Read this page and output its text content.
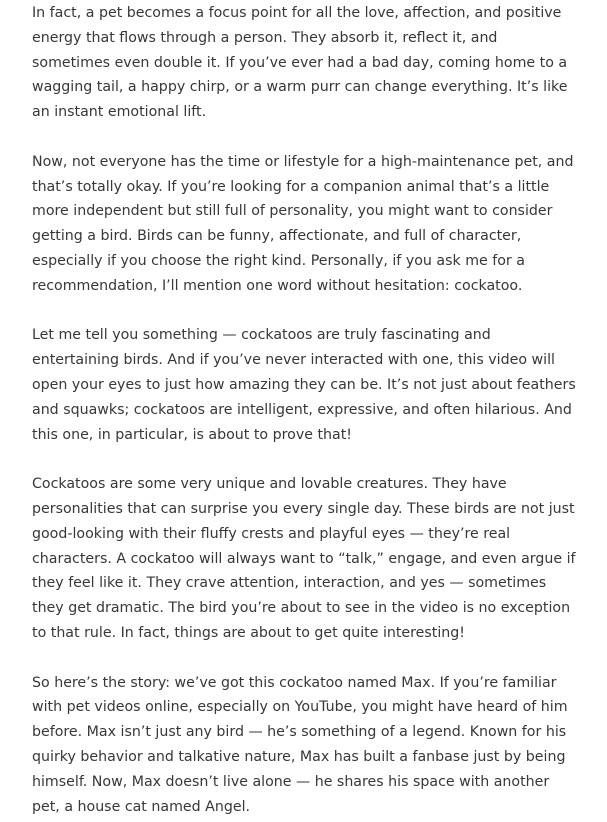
In fact, a pet becomes a focus point for all the love, affection, and positive energy that flows through a person. They absorb it, reflect it, and sometimes even double it. If you’ve ever had a bad day, coming home to a wagging tail, a happy chirp, or a warm purr can change everything. It’s like an instant emotional lift.

Now, not everyone has the time or lifestyle for a high-maintenance pet, and that’s totally okay. If you’re looking for a companion animal that’s a little more independent but still full of personality, you might want to consider getting a bird. Birds can be funny, affectionate, and full of character, especially if you choose the right kind. Personally, if you ask me for a recommendation, I’ll mention one word without hesitation: cockatoo.

Let me tell you something — cockatoos are truly fascinating and entertaining birds. And if you’ve never interacted with one, this video will open your eyes to just how amazing they can be. It’s not just about feathers and squawks; cockatoos are intelligent, expressive, and often hilarious. And this one, in particular, is about to prove that!

Cockatoos are some very unique and lovable creatures. They have personalities that can surprise you every single day. These birds are not just good-looking with their fluffy crests and playful eyes — they’re real characters. A cockatoo will always want to “talk,” engage, and even argue if they feel like it. They crave attention, interaction, and yes — sometimes they get dramatic. The bird you’re about to see in the video is no exception to that rule. In fact, things are about to get quite interesting!

So here’s the story: we’ve got this cockatoo named Max. If you’re familiar with pet videos online, especially on YouTube, you might have heard of him before. Max isn’t just any bird — he’s something of a legend. Known for his quirky behavior and talkative nature, Max has built a fanbase just by being himself. Now, Max doesn’t live alone — he shares his space with another pet, a house cat named Angel.
